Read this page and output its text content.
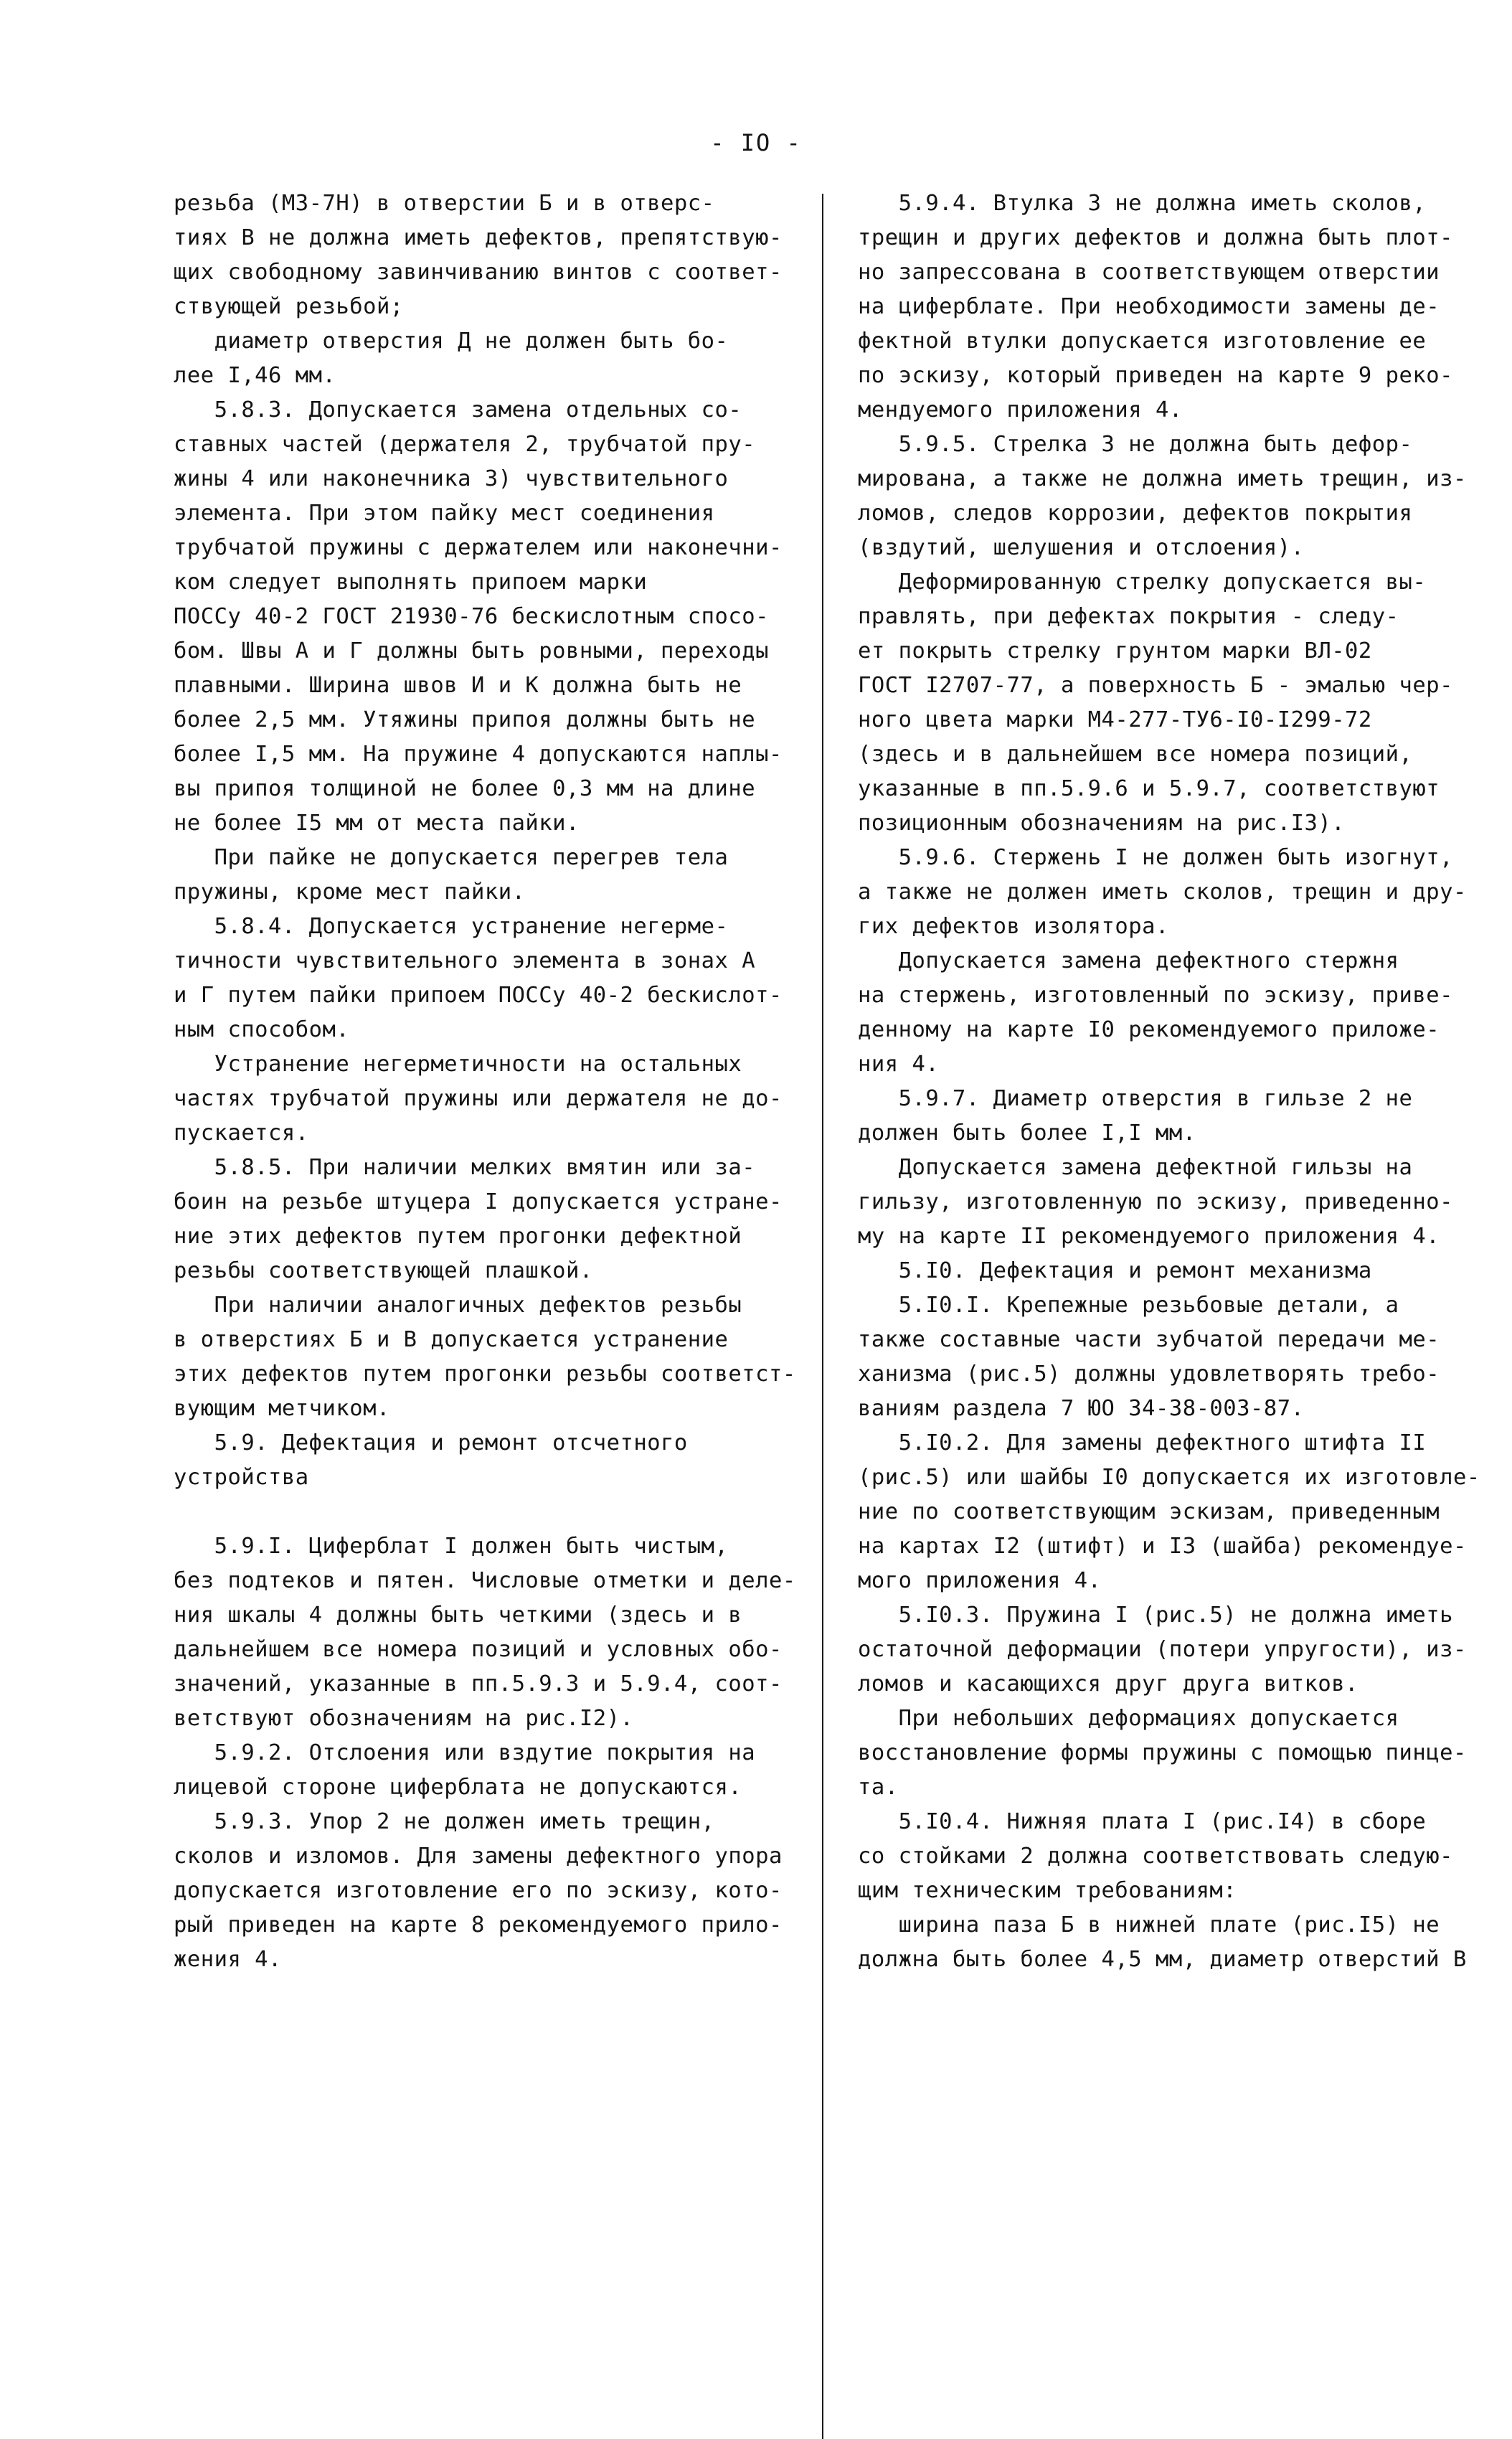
- IO -
резьба (МЗ-7Н) в отверстии Б и в отверс-
тиях В не должна иметь дефектов, препятствую-
щих свободному завинчиванию винтов с соответ-
ствующей резьбой;
диаметр отверстия Д не должен быть бо-
лее I,46 мм.
5.8.3. Допускается замена отдельных со-
ставных частей (держателя 2, трубчатой пру-
жины 4 или наконечника 3) чувствительного
элемента. При этом пайку мест соединения
трубчатой пружины с держателем или наконечни-
ком следует выполнять припоем марки
ПОССу 40-2 ГОСТ 21930-76 бескислотным спосо-
бом. Швы А и Г должны быть ровными, переходы
плавными. Ширина швов И и К должна быть не
более 2,5 мм. Утяжины припоя должны быть не
более I,5 мм. На пружине 4 допускаются наплы-
вы припоя толщиной не более 0,3 мм на длине
не более I5 мм от места пайки.
При пайке не допускается перегрев тела
пружины, кроме мест пайки.
5.8.4. Допускается устранение негермe-
тичности чувствительного элемента в зонах А
и Г путем пайки припоем ПОССу 40-2 бескислот-
ным способом.
Устранение негерметичности на остальных
частях трубчатой пружины или держателя не до-
пускается.
5.8.5. При наличии мелких вмятин или за-
боин на резьбе штуцера I допускается устране-
ние этих дефектов путем прогонки дефектной
резьбы соответствующей плашкой.
При наличии аналогичных дефектов резьбы
в отверстиях Б и В допускается устранение
этих дефектов путем прогонки резьбы соответст-
вующим метчиком.
5.9. Дефектация и ремонт отсчетного
устройства
5.9.I. Циферблат I должен быть чистым,
без подтеков и пятен. Числовые отметки и деле-
ния шкалы 4 должны быть четкими (здесь и в
дальнейшем все номера позиций и условных обо-
значений, указанные в пп.5.9.3 и 5.9.4, соот-
ветствуют обозначениям на рис.I2).
5.9.2. Отслоения или вздутие покрытия на
лицевой стороне циферблата не допускаются.
5.9.3. Упор 2 не должен иметь трещин,
сколов и изломов. Для замены дефектного упора
допускается изготовление его по эскизу, кото-
рый приведен на карте 8 рекомендуемого прило-
жения 4.
5.9.4. Втулка 3 не должна иметь сколов,
трещин и других дефектов и должна быть плот-
но запрессована в соответствующем отверстии
на циферблате. При необходимости замены де-
фектной втулки допускается изготовление ее
по эскизу, который приведен на карте 9 реко-
мендуемого приложения 4.
5.9.5. Стрелка 3 не должна быть дефор-
мирована, а также не должна иметь трещин, из-
ломов, следов коррозии, дефектов покрытия
(вздутий, шелушения и отслоения).
Деформированную стрелку допускается вы-
правлять, при дефектах покрытия - следу-
ет покрыть стрелку грунтом марки ВЛ-02
ГОСТ I2707-77, а поверхность Б - эмалью чер-
ного цвета марки М4-277-ТУ6-I0-I299-72
(здесь и в дальнейшем все номера позиций,
указанные в пп.5.9.6 и 5.9.7, соответствуют
позиционным обозначениям на рис.I3).
5.9.6. Стержень I не должен быть изогнут,
а также не должен иметь сколов, трещин и дру-
гих дефектов изолятора.
Допускается замена дефектного стержня
на стержень, изготовленный по эскизу, приве-
денному на карте I0 рекомендуемого приложе-
ния 4.
5.9.7. Диаметр отверстия в гильзе 2 не
должен быть более I,I мм.
Допускается замена дефектной гильзы на
гильзу, изготовленную по эскизу, приведенно-
му на карте II рекомендуемого приложения 4.
5.I0. Дефектация и ремонт механизма
5.I0.I. Крепежные резьбовые детали, а
также составные части зубчатой передачи ме-
ханизма (рис.5) должны удовлетворять требо-
ваниям раздела 7 ЮО 34-38-003-87.
5.I0.2. Для замены дефектного штифта II
(рис.5) или шайбы I0 допускается их изготовле-
ние по соответствующим эскизам, приведенным
на картах I2 (штифт) и I3 (шайба) рекомендуе-
мого приложения 4.
5.I0.3. Пружина I (рис.5) не должна иметь
остаточной деформации (потери упругости), из-
ломов и касающихся друг друга витков.
При небольших деформациях допускается
восстановление формы пружины с помощью пинце-
та.
5.I0.4. Нижняя плата I (рис.I4) в сборе
со стойками 2 должна соответствовать следую-
щим техническим требованиям:
ширина паза Б в нижней плате (рис.I5) не
должна быть более 4,5 мм, диаметр отверстий В
